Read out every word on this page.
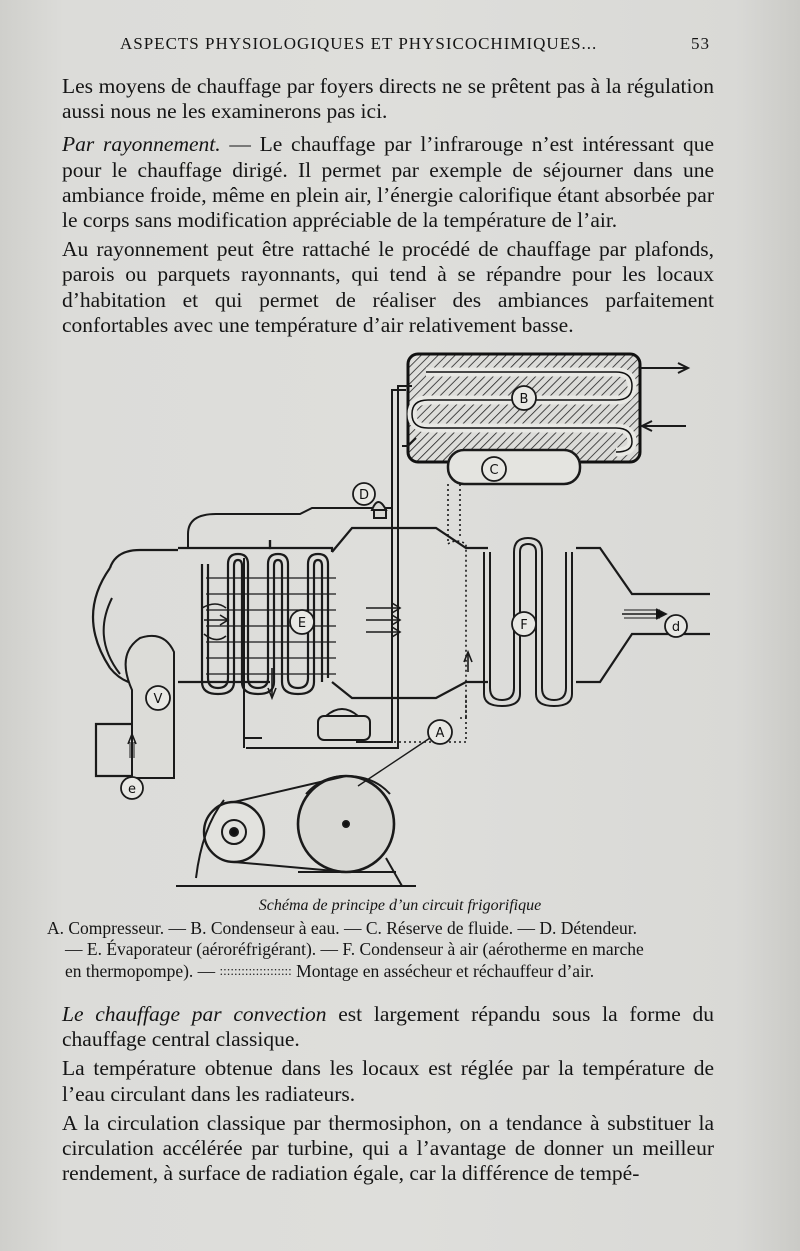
ASPECTS PHYSIOLOGIQUES ET PHYSICOCHIMIQUES...	53

Les moyens de chauffage par foyers directs ne se prêtent pas à la régulation aussi nous ne les examinerons pas ici.

Par rayonnement. — Le chauffage par l’infrarouge n’est intéressant que pour le chauffage dirigé. Il permet par exemple de séjourner dans une ambiance froide, même en plein air, l’énergie calorifique étant absorbée par le corps sans modification appréciable de la température de l’air.

Au rayonnement peut être rattaché le procédé de chauffage par plafonds, parois ou parquets rayonnants, qui tend à se répandre pour les locaux d’habitation et qui permet de réaliser des ambiances parfaitement confortables avec une température d’air relativement basse.

B
C
D
E	F	d
V
e
A
Schéma de principe d’un circuit frigorifique
A. Compresseur. — B. Condenseur à eau. — C. Réserve de fluide. — D. Détendeur.
— E. Évaporateur (aéroréfrigérant). — F. Condenseur à air (aérotherme en marche
en thermopompe). — :::::::::::::::::::: Montage en assécheur et réchauffeur d’air.

Le chauffage par convection est largement répandu sous la forme du chauffage central classique.

La température obtenue dans les locaux est réglée par la température de l’eau circulant dans les radiateurs.

A la circulation classique par thermosiphon, on a tendance à substituer la circulation accélérée par turbine, qui a l’avantage de donner un meilleur rendement, à surface de radiation égale, car la différence de tempé-
